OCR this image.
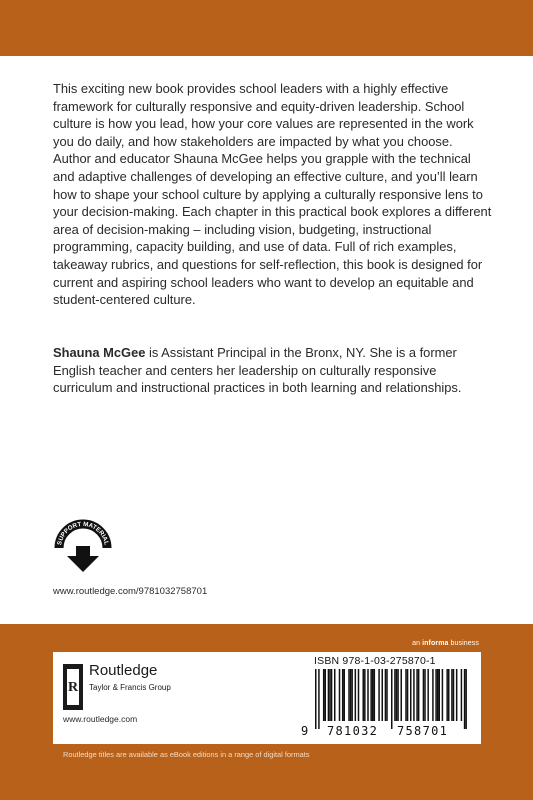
This exciting new book provides school leaders with a highly effective framework for culturally responsive and equity-driven leadership. School culture is how you lead, how your core values are represented in the work you do daily, and how stakeholders are impacted by what you choose. Author and educator Shauna McGee helps you grapple with the technical and adaptive challenges of developing an effective culture, and you’ll learn how to shape your school culture by applying a culturally responsive lens to your decision-making. Each chapter in this practical book explores a different area of decision-making – including vision, budgeting, instructional programming, capacity building, and use of data. Full of rich examples, takeaway rubrics, and questions for self-reflection, this book is designed for current and aspiring school leaders who want to develop an equitable and student-centered culture.

Shauna McGee is Assistant Principal in the Bronx, NY. She is a former English teacher and centers her leadership on culturally responsive curriculum and instructional practices in both learning and relationships.

SUPPORT MATERIAL
www.routledge.com/9781032758701
an informa business
R
Routledge
Taylor & Francis Group
www.routledge.com
ISBN 978-1-03-275870-1
9 781032 758701
Routledge titles are available as eBook editions in a range of digital formats
